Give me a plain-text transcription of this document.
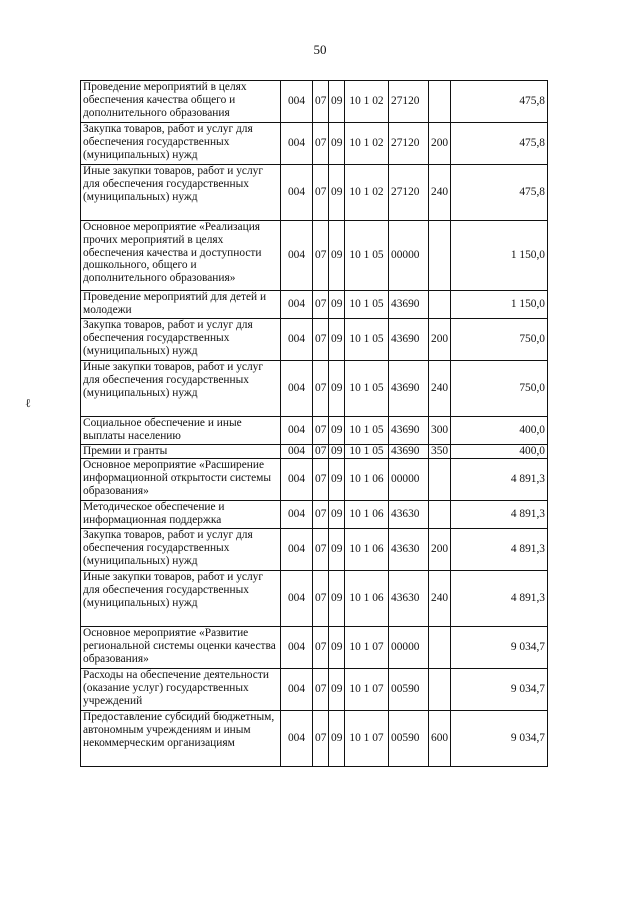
50
ℓ
Проведение мероприятий в целях обеспечения качества общего и дополнительного образования	004	07	09	10 1 02	27120		475,8
Закупка товаров, работ и услуг для обеспечения государственных (муниципальных) нужд	004	07	09	10 1 02	27120	200	475,8
Иные закупки товаров, работ и услуг для обеспечения государственных (муниципальных) нужд	004	07	09	10 1 02	27120	240	475,8
Основное мероприятие «Реализация прочих мероприятий в целях обеспечения качества и доступности дошкольного, общего и дополнительного образования»	004	07	09	10 1 05	00000		1 150,0
Проведение мероприятий для детей и молодежи	004	07	09	10 1 05	43690		1 150,0
Закупка товаров, работ и услуг для обеспечения государственных (муниципальных) нужд	004	07	09	10 1 05	43690	200	750,0
Иные закупки товаров, работ и услуг для обеспечения государственных (муниципальных) нужд	004	07	09	10 1 05	43690	240	750,0
Социальное обеспечение и иные выплаты населению	004	07	09	10 1 05	43690	300	400,0
Премии и гранты	004	07	09	10 1 05	43690	350	400,0
Основное мероприятие «Расширение информационной открытости системы образования»	004	07	09	10 1 06	00000		4 891,3
Методическое обеспечение и информационная поддержка	004	07	09	10 1 06	43630		4 891,3
Закупка товаров, работ и услуг для обеспечения государственных (муниципальных) нужд	004	07	09	10 1 06	43630	200	4 891,3
Иные закупки товаров, работ и услуг для обеспечения государственных (муниципальных) нужд	004	07	09	10 1 06	43630	240	4 891,3
Основное мероприятие «Развитие региональной системы оценки качества образования»	004	07	09	10 1 07	00000		9 034,7
Расходы на обеспечение деятельности (оказание услуг) государственных учреждений	004	07	09	10 1 07	00590		9 034,7
Предоставление субсидий бюджетным, автономным учреждениям и иным некоммерческим организациям	004	07	09	10 1 07	00590	600	9 034,7
